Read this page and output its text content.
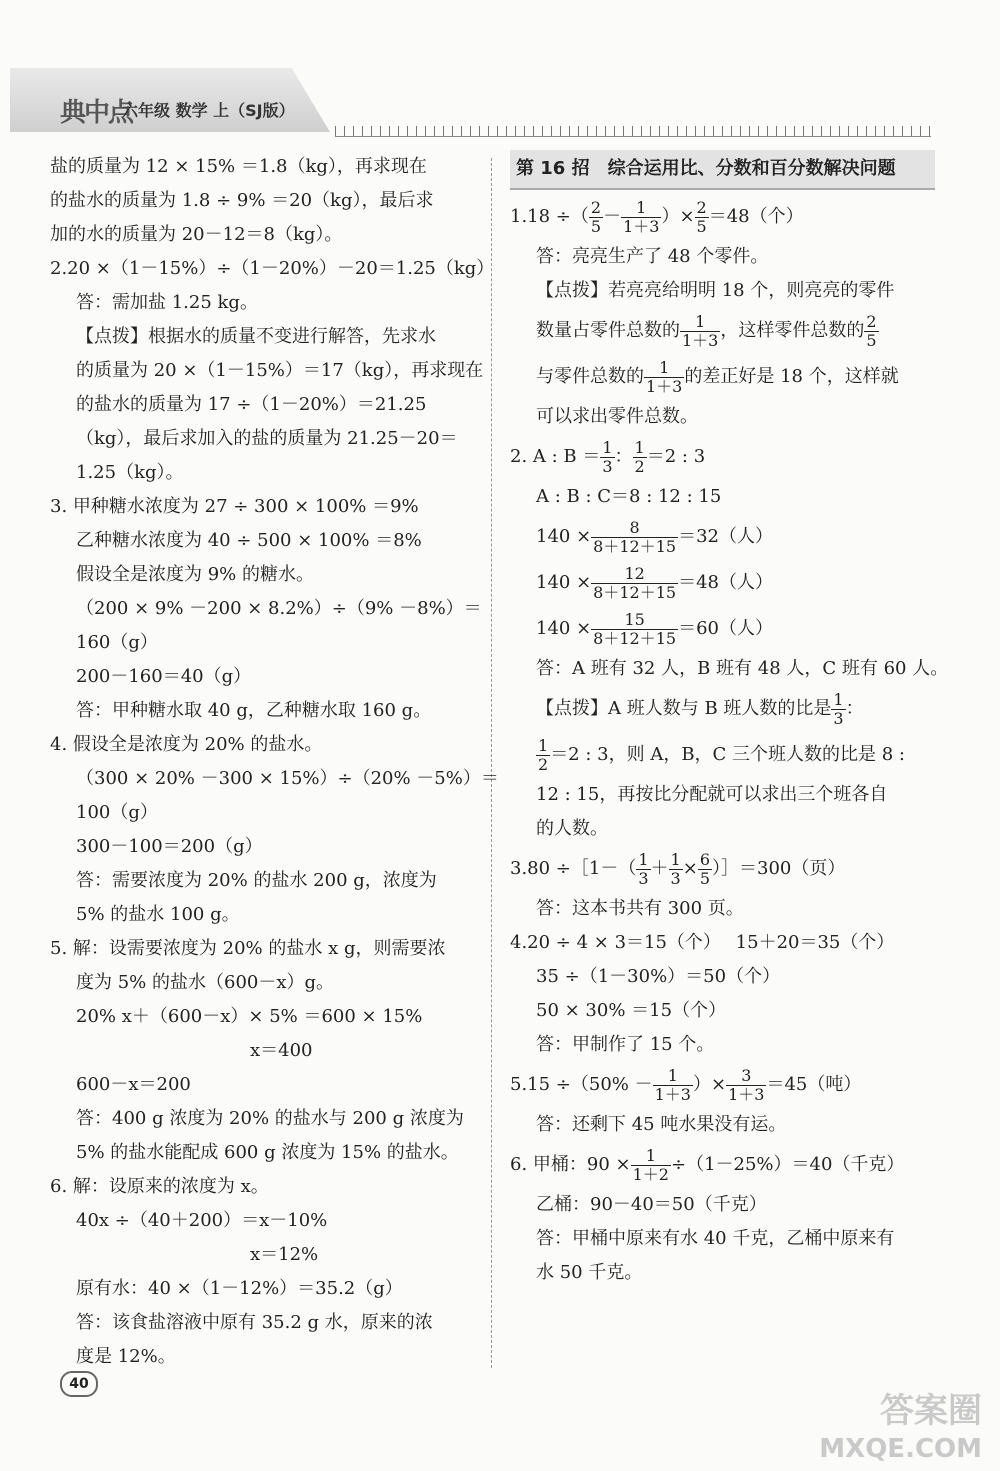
典中点
六年级 数学 上（SJ版）
盐的质量为 12 × 15% ＝1.8（kg），再求现在
的盐水的质量为 1.8 ÷ 9% ＝20（kg），最后求
加的水的质量为 20－12＝8（kg）。
2.20 ×（1－15%）÷（1－20%）－20＝1.25（kg）
答：需加盐 1.25 kg。
【点拨】根据水的质量不变进行解答，先求水
的质量为 20 ×（1－15%）＝17（kg），再求现在
的盐水的质量为 17 ÷（1－20%）＝21.25
（kg），最后求加入的盐的质量为 21.25－20＝
1.25（kg）。
3. 甲种糖水浓度为 27 ÷ 300 × 100% ＝9%
乙种糖水浓度为 40 ÷ 500 × 100% ＝8%
假设全是浓度为 9% 的糖水。
（200 × 9% －200 × 8.2%）÷（9% －8%）＝
160（g）
200－160＝40（g）
答：甲种糖水取 40 g，乙种糖水取 160 g。
4. 假设全是浓度为 20% 的盐水。
（300 × 20% －300 × 15%）÷（20% －5%）＝
100（g）
300－100＝200（g）
答：需要浓度为 20% 的盐水 200 g，浓度为
5% 的盐水 100 g。
5. 解：设需要浓度为 20% 的盐水 x g，则需要浓
度为 5% 的盐水（600－x）g。
20% x＋（600－x）× 5% ＝600 × 15%
x＝400
600－x＝200
答：400 g 浓度为 20% 的盐水与 200 g 浓度为
5% 的盐水能配成 600 g 浓度为 15% 的盐水。
6. 解：设原来的浓度为 x。
40x ÷（40＋200）＝x－10%
x＝12%
原有水：40 ×（1－12%）＝35.2（g）
答：该食盐溶液中原有 35.2 g 水，原来的浓
度是 12%。
第 16 招　综合运用比、分数和百分数解决问题
1.18 ÷（ $\frac{2}{5} - \frac{1}{1+3}$ ）× $\frac{2}{5} =48$（个）
答：亮亮生产了 48 个零件。
【点拨】若亮亮给明明 18 个，则亮亮的零件
数量占零件总数的 $\frac{1}{1+3}$ ，这样零件总数的 $\frac{2}{5}$
与零件总数的 $\frac{1}{1+3}$ 的差正好是 18 个，这样就
可以求出零件总数。
2. A : $B = \frac{1}{3}$ ： $\frac{1}{2} =2$ : 3
A : B : C＝8 : 12 : 15
$140 \times \frac{8}{8+12+15} =32$（人）
$140 \times \frac{12}{8+12+15} =48$（人）
$140 \times \frac{15}{8+12+15} =60$（人）
答：A 班有 32 人，B 班有 48 人，C 班有 60 人。
【点拨】A 班人数与 B 班人数的比是 $\frac{1}{3}$ ：
$\frac{1}{2} =2$ : 3，则 A，B，C 三个班人数的比是 8 :
12 : 15，再按比分配就可以求出三个班各自
的人数。
3.80 ÷［1－（ $\frac{1}{3} + \frac{1}{3} \times \frac{6}{5}$ ）］＝300（页）
答：这本书共有 300 页。
4.20 ÷ 4 × 3＝15（个）　 15＋20＝35（个）
35 ÷（1－30%）＝50（个）
50 × 30% ＝15（个）
答：甲制作了 15 个。
$5.15 \div(50\% - \frac{1}{1+3}$ ）× $\frac{3}{1+3} =45$（吨）
答：还剩下 45 吨水果没有运。
6. 甲桶：$90 \times \frac{1}{1+2} \div(1-25\%)=40$（千克）
乙桶：90－40＝50（千克）
答：甲桶中原来有水 40 千克，乙桶中原来有
水 50 千克。
40
答案圈
MXQE.COM
